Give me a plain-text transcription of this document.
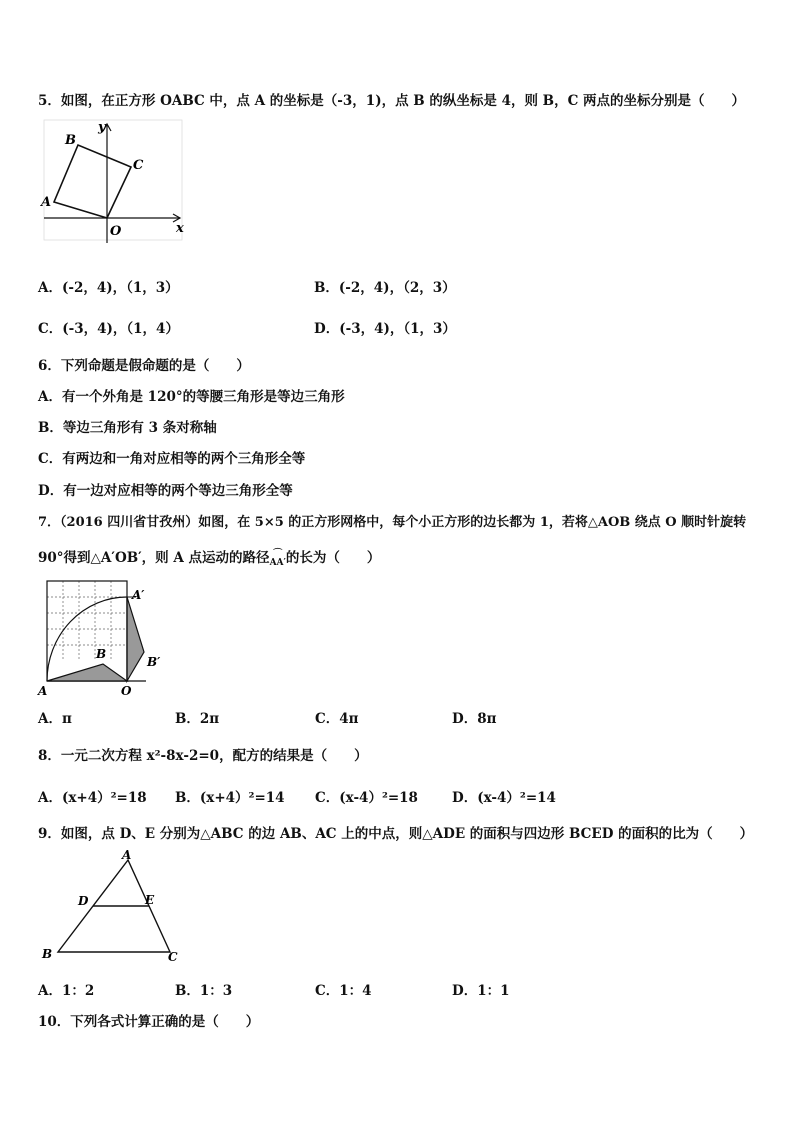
5．如图，在正方形 OABC 中，点 A 的坐标是（-3，1)，点 B 的纵坐标是 4，则 B，C 两点的坐标分别是（　　）
B
y
C
A
O	x
A．(-2，4)，（1，3）	B．(-2，4)，（2，3）
C．(-3，4)，（1，4）	D．(-3，4)，（1，3）
6．下列命题是假命题的是（　　）
A．有一个外角是 120°的等腰三角形是等边三角形
B．等边三角形有 3 条对称轴
C．有两边和一角对应相等的两个三角形全等
D．有一边对应相等的两个等边三角形全等
7．（2016 四川省甘孜州）如图，在 5×5 的正方形网格中，每个小正方形的边长都为 1，若将△AOB 绕点 O 顺时针旋转
90°得到△A′OB′，则 A 点运动的路径 ⌒
AA′的长为（　　）
A
B
O
A′
B′
A．π	B．2π	C．4π	D．8π
8．一元二次方程 x²-8x-2=0，配方的结果是（　　）
A．(x+4）²=18 B．(x+4）²=14 C．(x-4）²=18	D．(x-4）²=14
9．如图，点 D、E 分别为△ABC 的边 AB、AC 上的中点，则△ADE 的面积与四边形 BCED 的面积的比为（　　）
A
D	E
B	C
A．1：2	B．1：3	C．1：4	D．1：1
10．下列各式计算正确的是（　　）
